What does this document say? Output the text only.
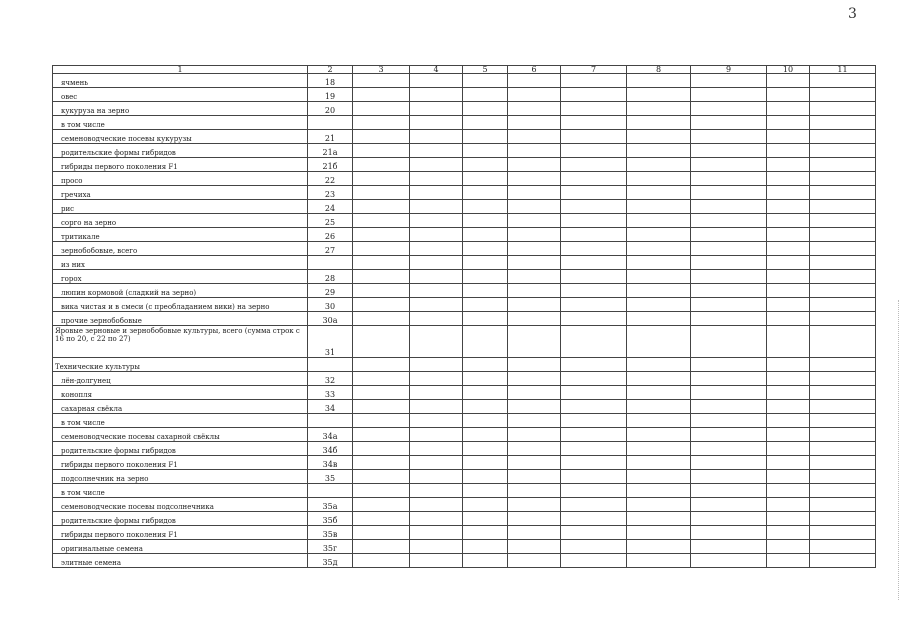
3
1	2	3	4	5	6	7	8	9	10	11
ячмень	18									
овес	19									
кукуруза на зерно	20									
в том числе										
семеноводческие посевы кукурузы	21									
родительские формы гибридов	21а									
гибриды первого поколения F1	21б									
просо	22									
гречиха	23									
рис	24									
сорго на зерно	25									
тритикале	26									
зернобобовые, всего	27									
из них										
горох	28									
люпин кормовой (сладкий на зерно)	29									
вика чистая и в смеси (с преобладанием вики) на зерно	30									
прочие зернобобовые	30а									
Яровые зерновые и зернобобовые культуры, всего (сумма строк с 16 по 20, с 22 по 27)	31									
Технические культуры										
лён-долгунец	32									
конопля	33									
сахарная свёкла	34									
в том числе										
семеноводческие посевы сахарной свёклы	34а									
родительские формы гибридов	34б									
гибриды первого поколения F1	34в									
подсолнечник на зерно	35									
в том числе										
семеноводческие посевы подсолнечника	35а									
родительские формы гибридов	35б									
гибриды первого поколения F1	35в									
оригинальные семена	35г									
элитные семена	35д									
